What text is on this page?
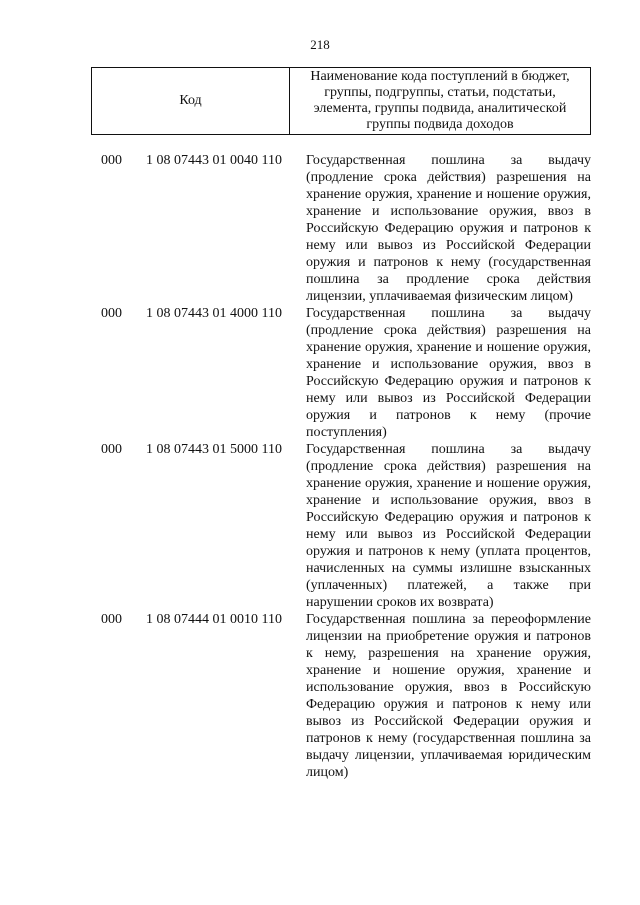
218
Код
Наименование кода поступлений в бюджет, группы, подгруппы, статьи, подстатьи, элемента, группы подвида, аналитической группы подвида доходов
000	1 08 07443 01 0040 110	Государственная пошлина за выдачу (продление срока действия) разрешения на хранение оружия, хранение и ношение оружия, хранение и использование оружия, ввоз в Российскую Федерацию оружия и патронов к нему или вывоз из Российской Федерации оружия и патронов к нему (государственная пошлина за продление срока действия лицензии, уплачиваемая физическим лицом)
000	1 08 07443 01 4000 110	Государственная пошлина за выдачу (продление срока действия) разрешения на хранение оружия, хранение и ношение оружия, хранение и использование оружия, ввоз в Российскую Федерацию оружия и патронов к нему или вывоз из Российской Федерации оружия и патронов к нему (прочие поступления)
000	1 08 07443 01 5000 110	Государственная пошлина за выдачу (продление срока действия) разрешения на хранение оружия, хранение и ношение оружия, хранение и использование оружия, ввоз в Российскую Федерацию оружия и патронов к нему или вывоз из Российской Федерации оружия и патронов к нему (уплата процентов, начисленных на суммы излишне взысканных (уплаченных) платежей, а также при нарушении сроков их возврата)
000	1 08 07444 01 0010 110	Государственная пошлина за переоформление лицензии на приобретение оружия и патронов к нему, разрешения на хранение оружия, хранение и ношение оружия, хранение и использование оружия, ввоз в Российскую Федерацию оружия и патронов к нему или вывоз из Российской Федерации оружия и патронов к нему (государственная пошлина за выдачу лицензии, уплачиваемая юридическим лицом)
